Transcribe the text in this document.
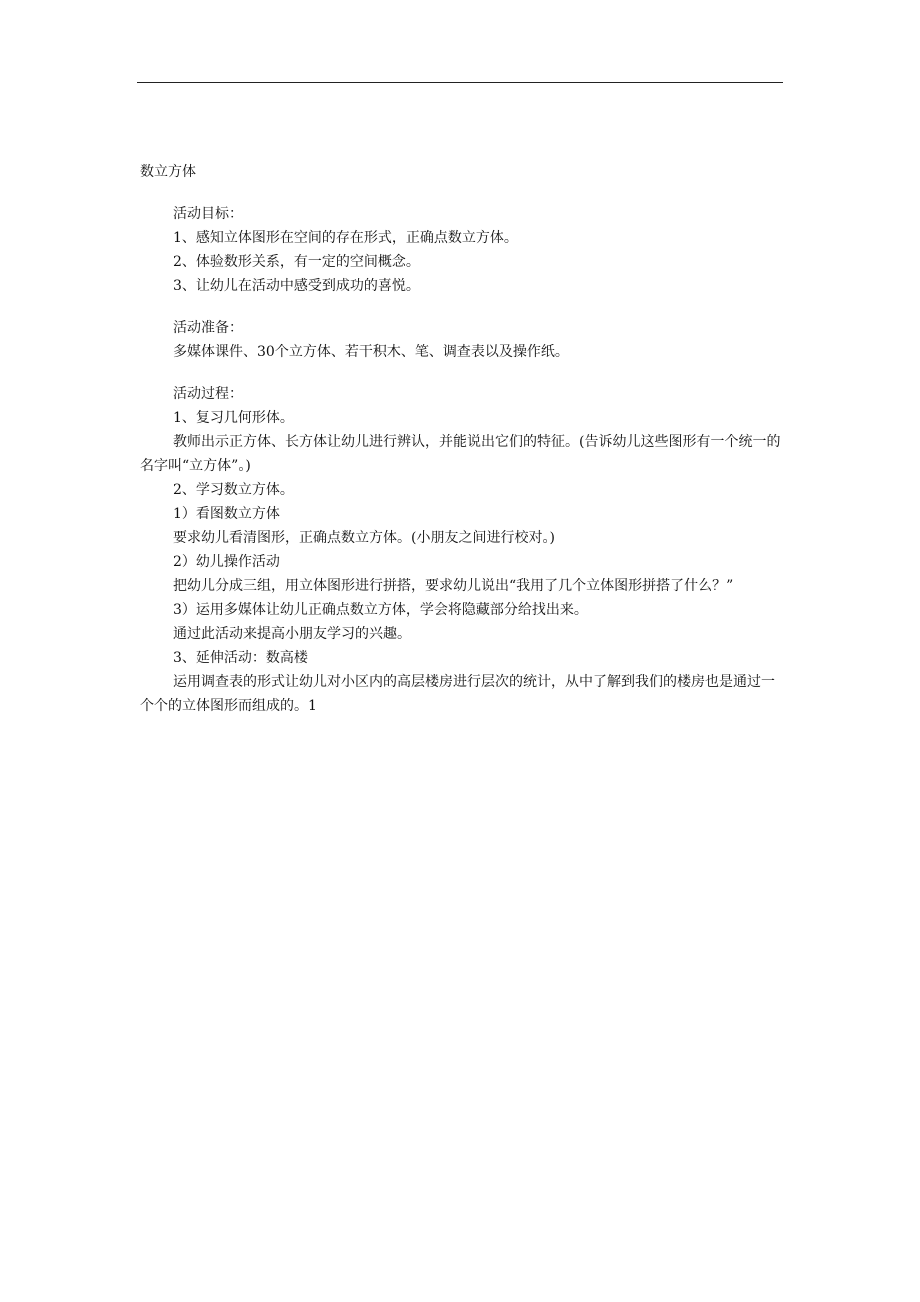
数立方体
活动目标：
1、感知立体图形在空间的存在形式，正确点数立方体。
2、体验数形关系，有一定的空间概念。
3、让幼儿在活动中感受到成功的喜悦。
活动准备：
多媒体课件、30个立方体、若干积木、笔、调查表以及操作纸。
活动过程：
1、复习几何形体。

教师出示正方体、长方体让幼儿进行辨认，并能说出它们的特征。(告诉幼儿这些图形有一个统一的名字叫“立方体”。)

2、学习数立方体。
1）看图数立方体
要求幼儿看清图形，正确点数立方体。(小朋友之间进行校对。)
2）幼儿操作活动

把幼儿分成三组，用立体图形进行拼搭，要求幼儿说出“我用了几个立体图形拼搭了什么？”

3）运用多媒体让幼儿正确点数立方体，学会将隐藏部分给找出来。
通过此活动来提高小朋友学习的兴趣。
3、延伸活动：数高楼

运用调查表的形式让幼儿对小区内的高层楼房进行层次的统计，从中了解到我们的楼房也是通过一个个的立体图形而组成的。1
